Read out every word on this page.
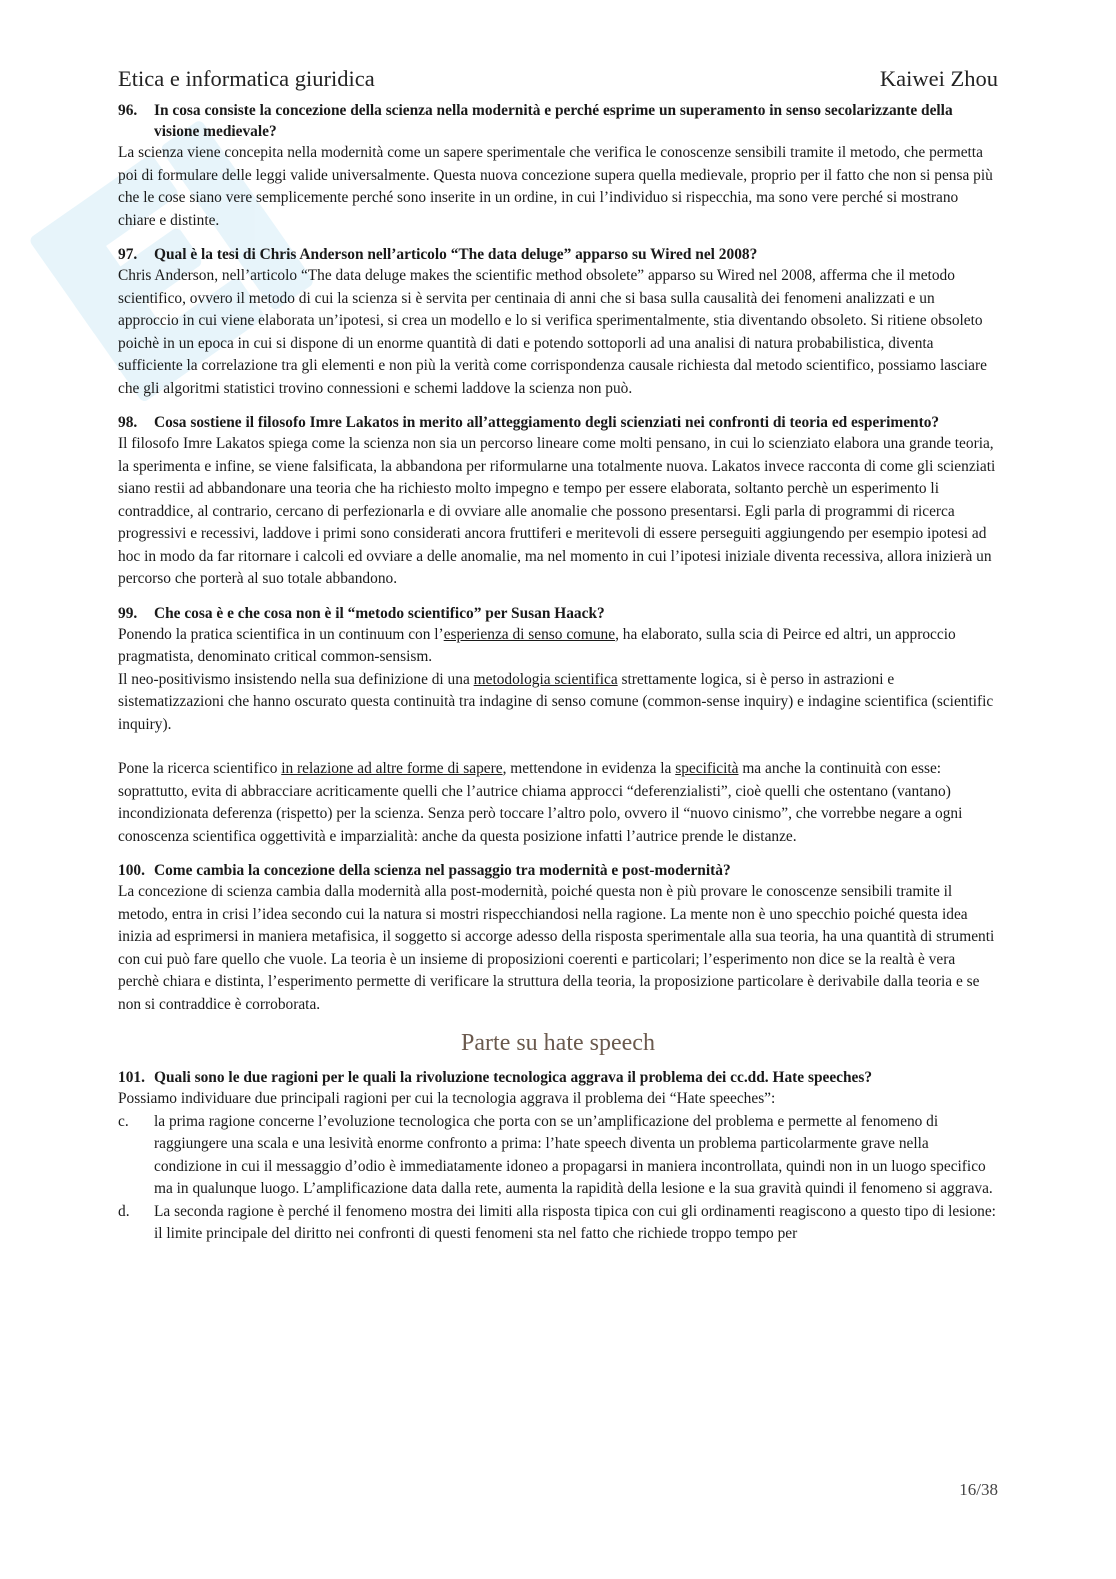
Etica e informatica giuridica	Kaiwei Zhou
96.	In cosa consiste la concezione della scienza nella modernità e perché esprime un superamento in senso secolarizzante della visione medievale?

La scienza viene concepita nella modernità come un sapere sperimentale che verifica le conoscenze sensibili tramite il metodo, che permetta poi di formulare delle leggi valide universalmente. Questa nuova concezione supera quella medievale, proprio per il fatto che non si pensa più che le cose siano vere semplicemente perché sono inserite in un ordine, in cui l’individuo si rispecchia, ma sono vere perché si mostrano chiare e distinte.

97.	Qual è la tesi di Chris Anderson nell’articolo “The data deluge” apparso su Wired nel 2008?

Chris Anderson, nell’articolo “The data deluge makes the scientific method obsolete” apparso su Wired nel 2008, afferma che il metodo scientifico, ovvero il metodo di cui la scienza si è servita per centinaia di anni che si basa sulla causalità dei fenomeni analizzati e un approccio in cui viene elaborata un’ipotesi, si crea un modello e lo si verifica sperimentalmente, stia diventando obsoleto. Si ritiene obsoleto poichè in un epoca in cui si dispone di un enorme quantità di dati e potendo sottoporli ad una analisi di natura probabilistica, diventa sufficiente la correlazione tra gli elementi e non più la verità come corrispondenza causale richiesta dal metodo scientifico, possiamo lasciare che gli algoritmi statistici trovino connessioni e schemi laddove la scienza non può.

98.	Cosa sostiene il filosofo Imre Lakatos in merito all’atteggiamento degli scienziati nei confronti di teoria ed esperimento?

Il filosofo Imre Lakatos spiega come la scienza non sia un percorso lineare come molti pensano, in cui lo scienziato elabora una grande teoria, la sperimenta e infine, se viene falsificata, la abbandona per riformularne una totalmente nuova. Lakatos invece racconta di come gli scienziati siano restii ad abbandonare una teoria che ha richiesto molto impegno e tempo per essere elaborata, soltanto perchè un esperimento li contraddice, al contrario, cercano di perfezionarla e di ovviare alle anomalie che possono presentarsi. Egli parla di programmi di ricerca progressivi e recessivi, laddove i primi sono considerati ancora fruttiferi e meritevoli di essere perseguiti aggiungendo per esempio ipotesi ad hoc in modo da far ritornare i calcoli ed ovviare a delle anomalie, ma nel momento in cui l’ipotesi iniziale diventa recessiva, allora inizierà un percorso che porterà al suo totale abbandono.

99.	Che cosa è e che cosa non è il “metodo scientifico” per Susan Haack?

Ponendo la pratica scientifica in un continuum con l’esperienza di senso comune, ha elaborato, sulla scia di Peirce ed altri, un approccio pragmatista, denominato critical common-sensism.

Il neo-positivismo insistendo nella sua definizione di una metodologia scientifica strettamente logica, si è perso in astrazioni e sistematizzazioni che hanno oscurato questa continuità tra indagine di senso comune (common-sense inquiry) e indagine scientifica (scientific inquiry).

Pone la ricerca scientifico in relazione ad altre forme di sapere, mettendone in evidenza la specificità ma anche la continuità con esse: soprattutto, evita di abbracciare acriticamente quelli che l’autrice chiama approcci “deferenzialisti”, cioè quelli che ostentano (vantano) incondizionata deferenza (rispetto) per la scienza. Senza però toccare l’altro polo, ovvero il “nuovo cinismo”, che vorrebbe negare a ogni conoscenza scientifica oggettività e imparzialità: anche da questa posizione infatti l’autrice prende le distanze.

100. Come cambia la concezione della scienza nel passaggio tra modernità e post-modernità?

La concezione di scienza cambia dalla modernità alla post-modernità, poiché questa non è più provare le conoscenze sensibili tramite il metodo, entra in crisi l’idea secondo cui la natura si mostri rispecchiandosi nella ragione. La mente non è uno specchio poiché questa idea inizia ad esprimersi in maniera metafisica, il soggetto si accorge adesso della risposta sperimentale alla sua teoria, ha una quantità di strumenti con cui può fare quello che vuole. La teoria è un insieme di proposizioni coerenti e particolari; l’esperimento non dice se la realtà è vera perchè chiara e distinta, l’esperimento permette di verificare la struttura della teoria, la proposizione particolare è derivabile dalla teoria e se non si contraddice è corroborata.

Parte su hate speech
101. Quali sono le due ragioni per le quali la rivoluzione tecnologica aggrava il problema dei cc.dd. Hate speeches?

Possiamo individuare due principali ragioni per cui la tecnologia aggrava il problema dei “Hate speeches”:

c.	la prima ragione concerne l’evoluzione tecnologica che porta con se un’amplificazione del problema e permette al fenomeno di raggiungere una scala e una lesività enorme confronto a prima: l’hate speech diventa un problema particolarmente grave nella condizione in cui il messaggio d’odio è immediatamente idoneo a propagarsi in maniera incontrollata, quindi non in un luogo specifico ma in qualunque luogo. L’amplificazione data dalla rete, aumenta la rapidità della lesione e la sua gravità quindi il fenomeno si aggrava.
d.	La seconda ragione è perché il fenomeno mostra dei limiti alla risposta tipica con cui gli ordinamenti reagiscono a questo tipo di lesione: il limite principale del diritto nei confronti di questi fenomeni sta nel fatto che richiede troppo tempo per
16/38
